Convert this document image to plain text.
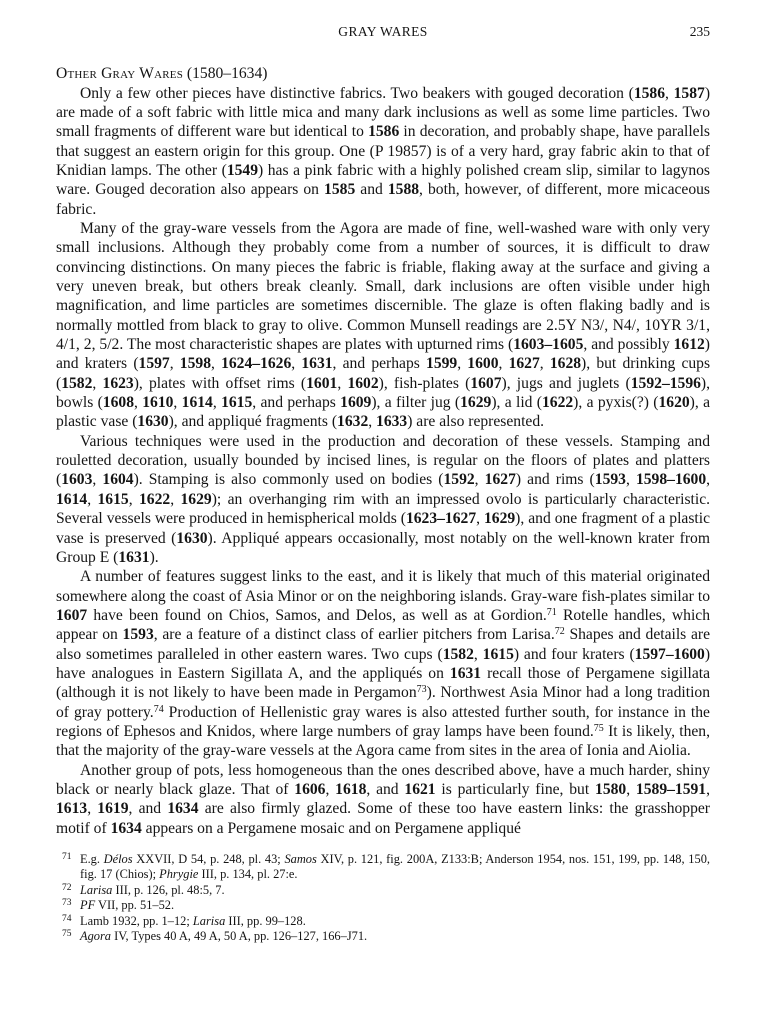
GRAY WARES	235
Other Gray Wares (1580–1634)

Only a few other pieces have distinctive fabrics. Two beakers with gouged decoration (1586, 1587) are made of a soft fabric with little mica and many dark inclusions as well as some lime particles. Two small fragments of different ware but identical to 1586 in decoration, and probably shape, have parallels that suggest an eastern origin for this group. One (P 19857) is of a very hard, gray fabric akin to that of Knidian lamps. The other (1549) has a pink fabric with a highly polished cream slip, similar to lagynos ware. Gouged decoration also appears on 1585 and 1588, both, however, of different, more micaceous fabric.

Many of the gray-ware vessels from the Agora are made of fine, well-washed ware with only very small inclusions. Although they probably come from a number of sources, it is difficult to draw convincing distinctions. On many pieces the fabric is friable, flaking away at the surface and giving a very uneven break, but others break cleanly. Small, dark inclusions are often visible under high magnification, and lime particles are sometimes discernible. The glaze is often flaking badly and is normally mottled from black to gray to olive. Common Munsell readings are 2.5Y N3/, N4/, 10YR 3/1, 4/1, 2, 5/2. The most characteristic shapes are plates with upturned rims (1603–1605, and possibly 1612) and kraters (1597, 1598, 1624–1626, 1631, and perhaps 1599, 1600, 1627, 1628), but drinking cups (1582, 1623), plates with offset rims (1601, 1602), fish-plates (1607), jugs and juglets (1592–1596), bowls (1608, 1610, 1614, 1615, and perhaps 1609), a filter jug (1629), a lid (1622), a pyxis(?) (1620), a plastic vase (1630), and appliqué fragments (1632, 1633) are also represented.

Various techniques were used in the production and decoration of these vessels. Stamping and rouletted decoration, usually bounded by incised lines, is regular on the floors of plates and platters (1603, 1604). Stamping is also commonly used on bodies (1592, 1627) and rims (1593, 1598–1600, 1614, 1615, 1622, 1629); an overhanging rim with an impressed ovolo is particularly characteristic. Several vessels were produced in hemispherical molds (1623–1627, 1629), and one fragment of a plastic vase is preserved (1630). Appliqué appears occasionally, most notably on the well-known krater from Group E (1631).

A number of features suggest links to the east, and it is likely that much of this material originated somewhere along the coast of Asia Minor or on the neighboring islands. Gray-ware fish-plates similar to 1607 have been found on Chios, Samos, and Delos, as well as at Gordion.$^{71}$ Rotelle handles, which appear on 1593, are a feature of a distinct class of earlier pitchers from Larisa.$^{72}$ Shapes and details are also sometimes paralleled in other eastern wares. Two cups (1582, 1615) and four kraters (1597–1600) have analogues in Eastern Sigillata A, and the appliqués on 1631 recall those of Pergamene sigillata (although it is not likely to have been made in Pergamon$^{73}$). Northwest Asia Minor had a long tradition of gray pottery.$^{74}$ Production of Hellenistic gray wares is also attested further south, for instance in the regions of Ephesos and Knidos, where large numbers of gray lamps have been found.$^{75}$ It is likely, then, that the majority of the gray-ware vessels at the Agora came from sites in the area of Ionia and Aiolia.

Another group of pots, less homogeneous than the ones described above, have a much harder, shiny black or nearly black glaze. That of 1606, 1618, and 1621 is particularly fine, but 1580, 1589–1591, 1613, 1619, and 1634 are also firmly glazed. Some of these too have eastern links: the grasshopper motif of 1634 appears on a Pergamene mosaic and on Pergamene appliqué

71 E.g. Délos XXVII, D 54, p. 248, pl. 43; Samos XIV, p. 121, fig. 200A, Z133:B; Anderson 1954, nos. 151, 199, pp. 148, 150, fig. 17 (Chios); Phrygie III, p. 134, pl. 27:e.
72 Larisa III, p. 126, pl. 48:5, 7.
73 PF VII, pp. 51–52.
74 Lamb 1932, pp. 1–12; Larisa III, pp. 99–128.
75 Agora IV, Types 40 A, 49 A, 50 A, pp. 126–127, 166–J71.
